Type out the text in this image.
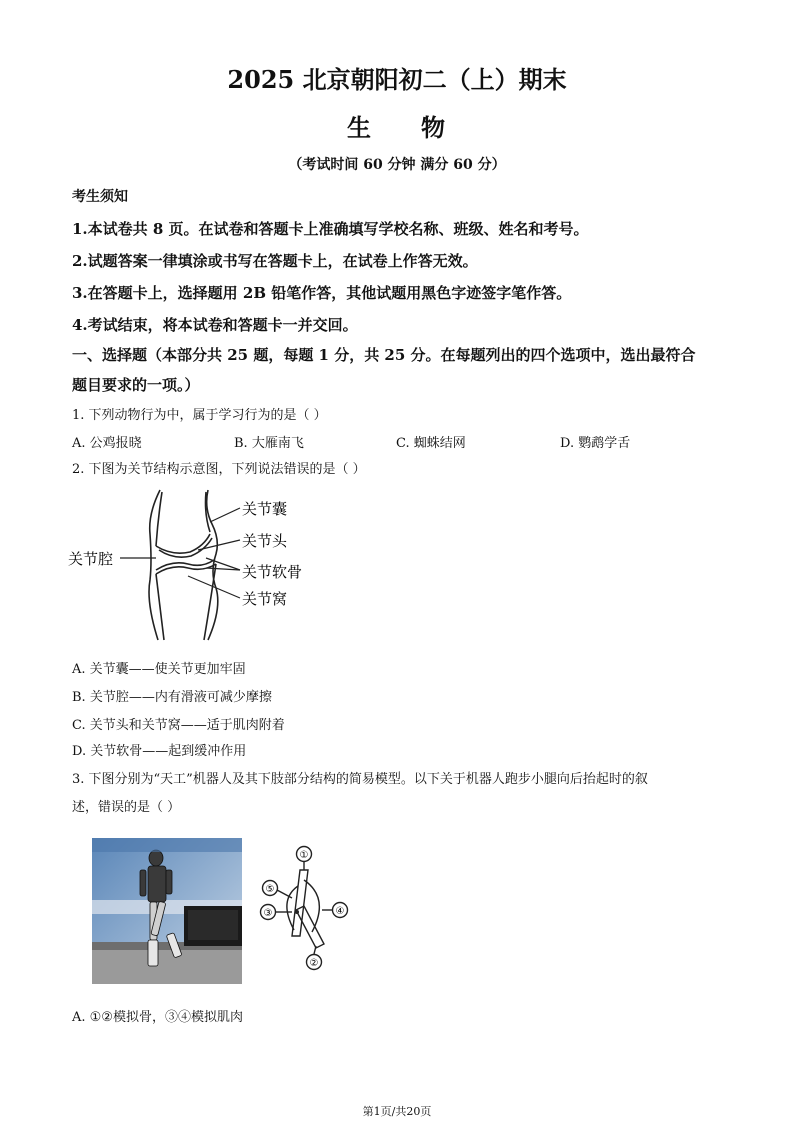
2025 北京朝阳初二（上）期末
生 物
（考试时间 60 分钟 满分 60 分）
考生须知
1.本试卷共 8 页。在试卷和答题卡上准确填写学校名称、班级、姓名和考号。
2.试题答案一律填涂或书写在答题卡上，在试卷上作答无效。
3.在答题卡上，选择题用 2B 铅笔作答，其他试题用黑色字迹签字笔作答。
4.考试结束，将本试卷和答题卡一并交回。
一、选择题（本部分共 25 题，每题 1 分，共 25 分。在每题列出的四个选项中，选出最符合
题目要求的一项。）
1. 下列动物行为中，属于学习行为的是（ ）
A. 公鸡报晓	B. 大雁南飞	C. 蜘蛛结网	D. 鹦鹉学舌
2. 下图为关节结构示意图，下列说法错误的是（ ）
关节囊
关节头
关节腔
关节软骨
关节窝
A. 关节囊——使关节更加牢固
B. 关节腔——内有滑液可减少摩擦
C. 关节头和关节窝——适于肌肉附着
D. 关节软骨——起到缓冲作用
3. 下图分别为“天工”机器人及其下肢部分结构的简易模型。以下关于机器人跑步小腿向后抬起时的叙
述，错误的是（ ）
①
②
③	④
⑤
A. ①②模拟骨，③④模拟肌肉
第1页/共20页
